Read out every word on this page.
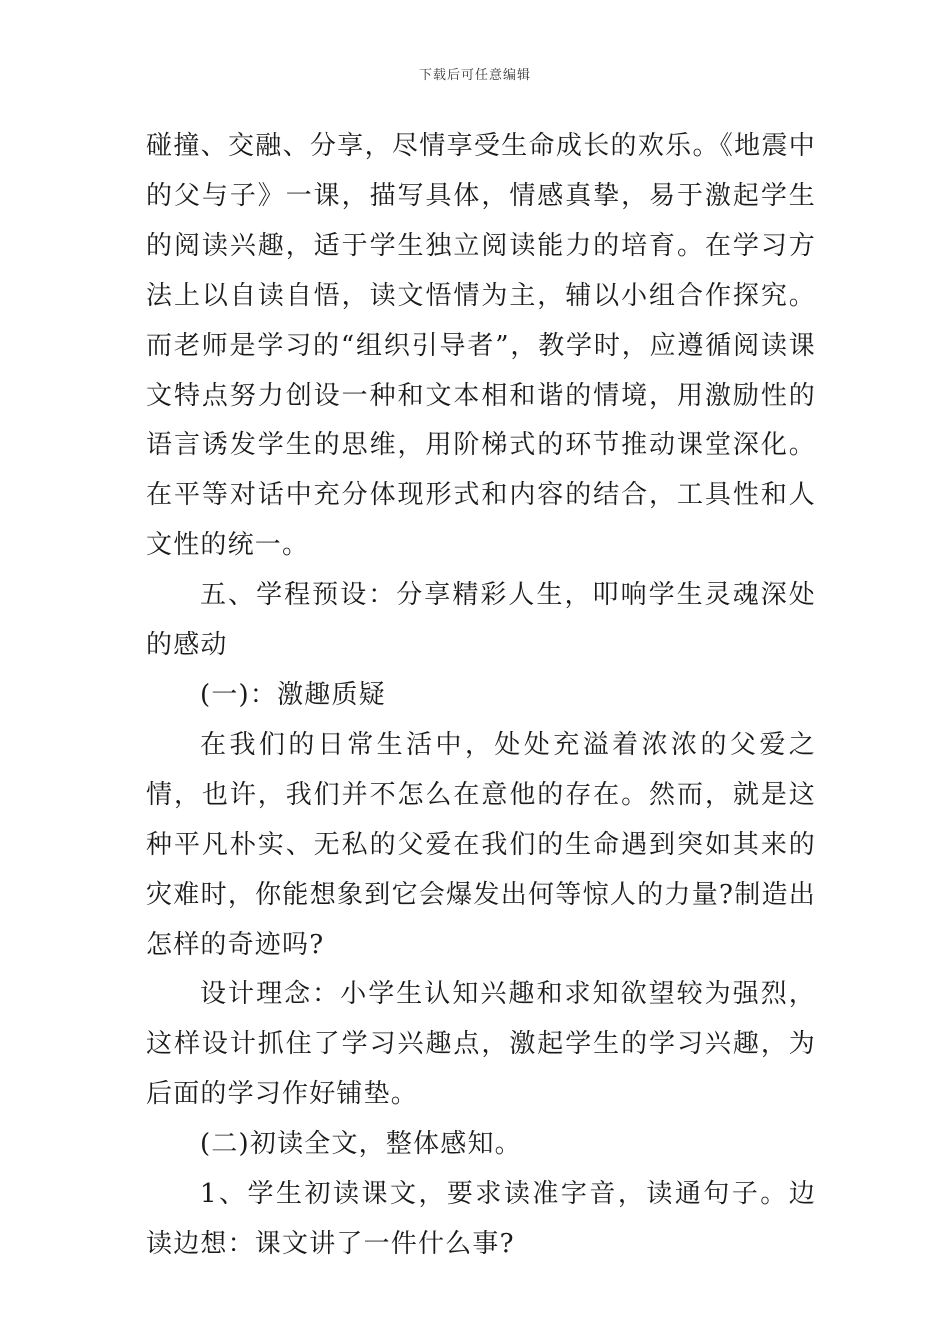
下载后可任意编辑

碰撞、交融、分享，尽情享受生命成长的欢乐。《地震中的父与子》一课，描写具体，情感真挚，易于激起学生的阅读兴趣，适于学生独立阅读能力的培育。在学习方法上以自读自悟，读文悟情为主，辅以小组合作探究。而老师是学习的“组织引导者”，教学时，应遵循阅读课文特点努力创设一种和文本相和谐的情境，用激励性的语言诱发学生的思维，用阶梯式的环节推动课堂深化。在平等对话中充分体现形式和内容的结合，工具性和人文性的统一。

五、学程预设：分享精彩人生，叩响学生灵魂深处的感动

(一)：激趣质疑

在我们的日常生活中，处处充溢着浓浓的父爱之情，也许，我们并不怎么在意他的存在。然而，就是这种平凡朴实、无私的父爱在我们的生命遇到突如其来的灾难时，你能想象到它会爆发出何等惊人的力量?制造出怎样的奇迹吗?

设计理念：小学生认知兴趣和求知欲望较为强烈，这样设计抓住了学习兴趣点，激起学生的学习兴趣，为后面的学习作好铺垫。

(二)初读全文，整体感知。

1、学生初读课文，要求读准字音，读通句子。边读边想：课文讲了一件什么事?
